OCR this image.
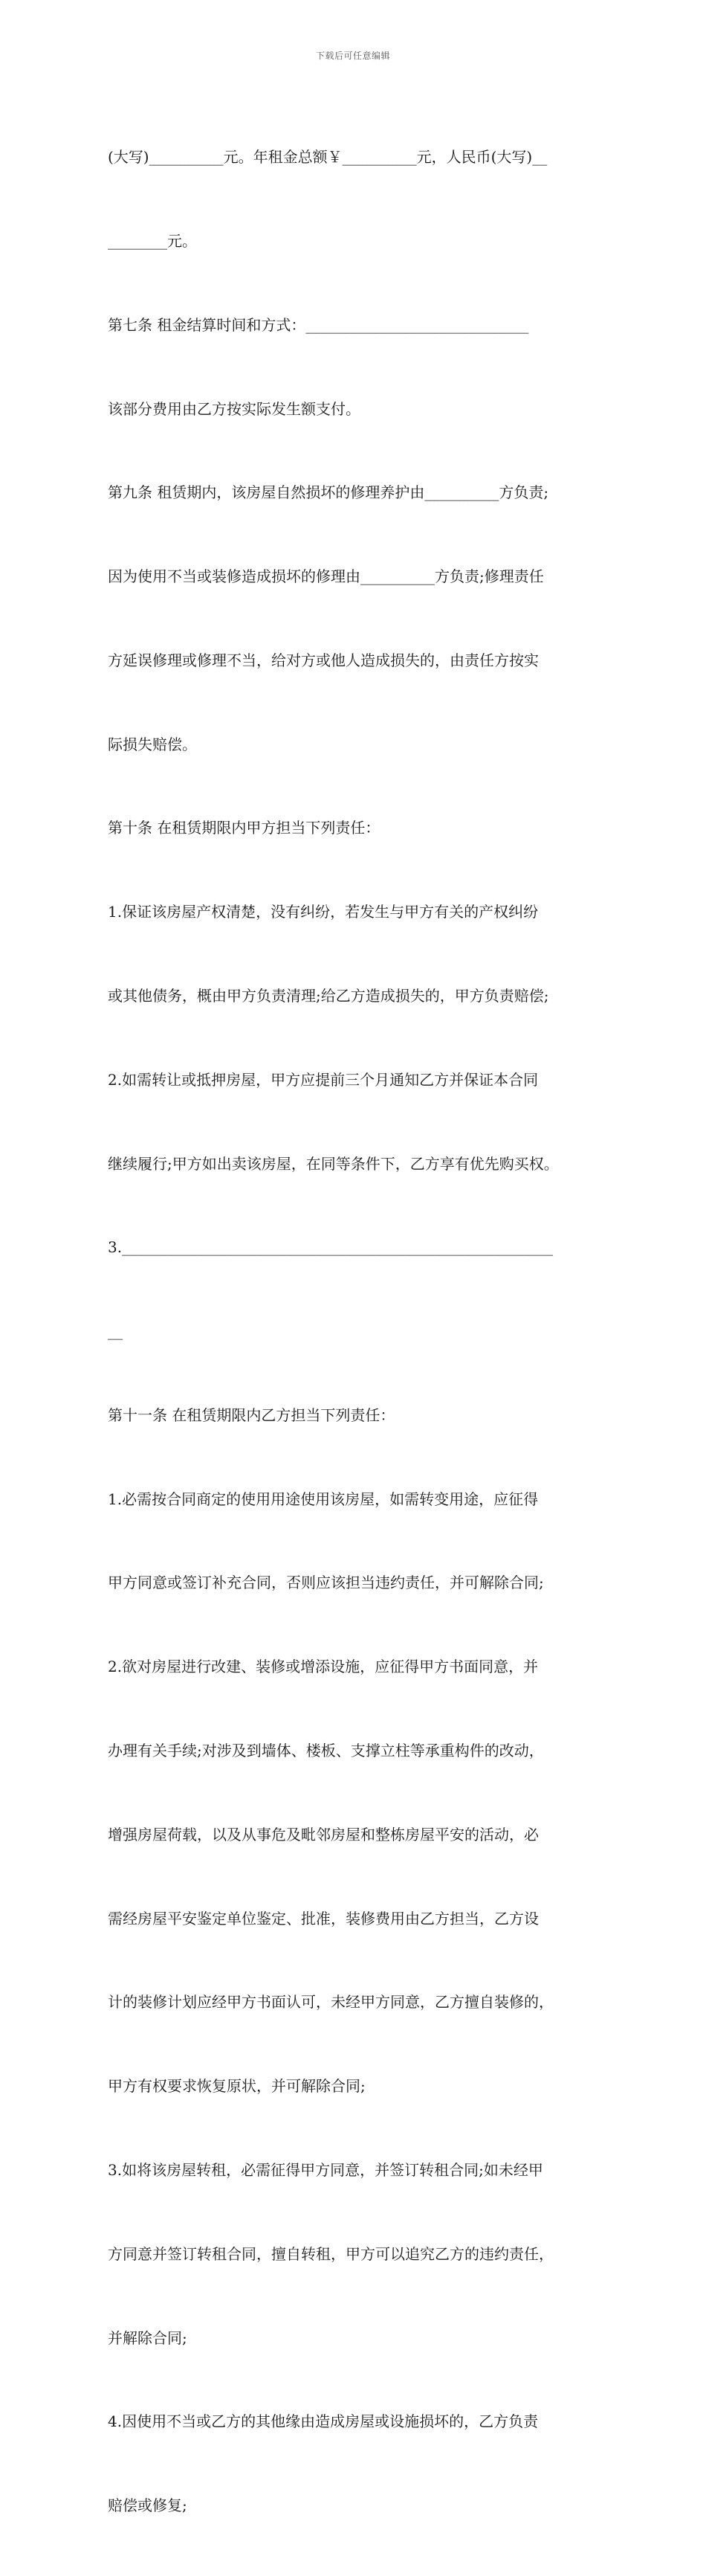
下载后可任意编辑

(大写)__________元。年租金总额￥__________元，人民币(大写)__

________元。

第七条 租金结算时间和方式：______________________________

该部分费用由乙方按实际发生额支付。

第九条 租赁期内，该房屋自然损坏的修理养护由__________方负责;

因为使用不当或装修造成损坏的修理由__________方负责;修理责任

方延误修理或修理不当，给对方或他人造成损失的，由责任方按实

际损失赔偿。

第十条 在租赁期限内甲方担当下列责任：

1.保证该房屋产权清楚，没有纠纷，若发生与甲方有关的产权纠纷

或其他债务，概由甲方负责清理;给乙方造成损失的，甲方负责赔偿;

2.如需转让或抵押房屋，甲方应提前三个月通知乙方并保证本合同

继续履行;甲方如出卖该房屋，在同等条件下，乙方享有优先购买权。

3.__________________________________________________________

__

第十一条 在租赁期限内乙方担当下列责任：

1.必需按合同商定的使用用途使用该房屋，如需转变用途，应征得

甲方同意或签订补充合同，否则应该担当违约责任，并可解除合同;

2.欲对房屋进行改建、装修或增添设施，应征得甲方书面同意，并

办理有关手续;对涉及到墙体、楼板、支撑立柱等承重构件的改动，

增强房屋荷载，以及从事危及毗邻房屋和整栋房屋平安的活动，必

需经房屋平安鉴定单位鉴定、批准，装修费用由乙方担当，乙方设

计的装修计划应经甲方书面认可，未经甲方同意，乙方擅自装修的，

甲方有权要求恢复原状，并可解除合同;

3.如将该房屋转租，必需征得甲方同意，并签订转租合同;如未经甲

方同意并签订转租合同，擅自转租，甲方可以追究乙方的违约责任，

并解除合同;

4.因使用不当或乙方的其他缘由造成房屋或设施损坏的，乙方负责

赔偿或修复;
